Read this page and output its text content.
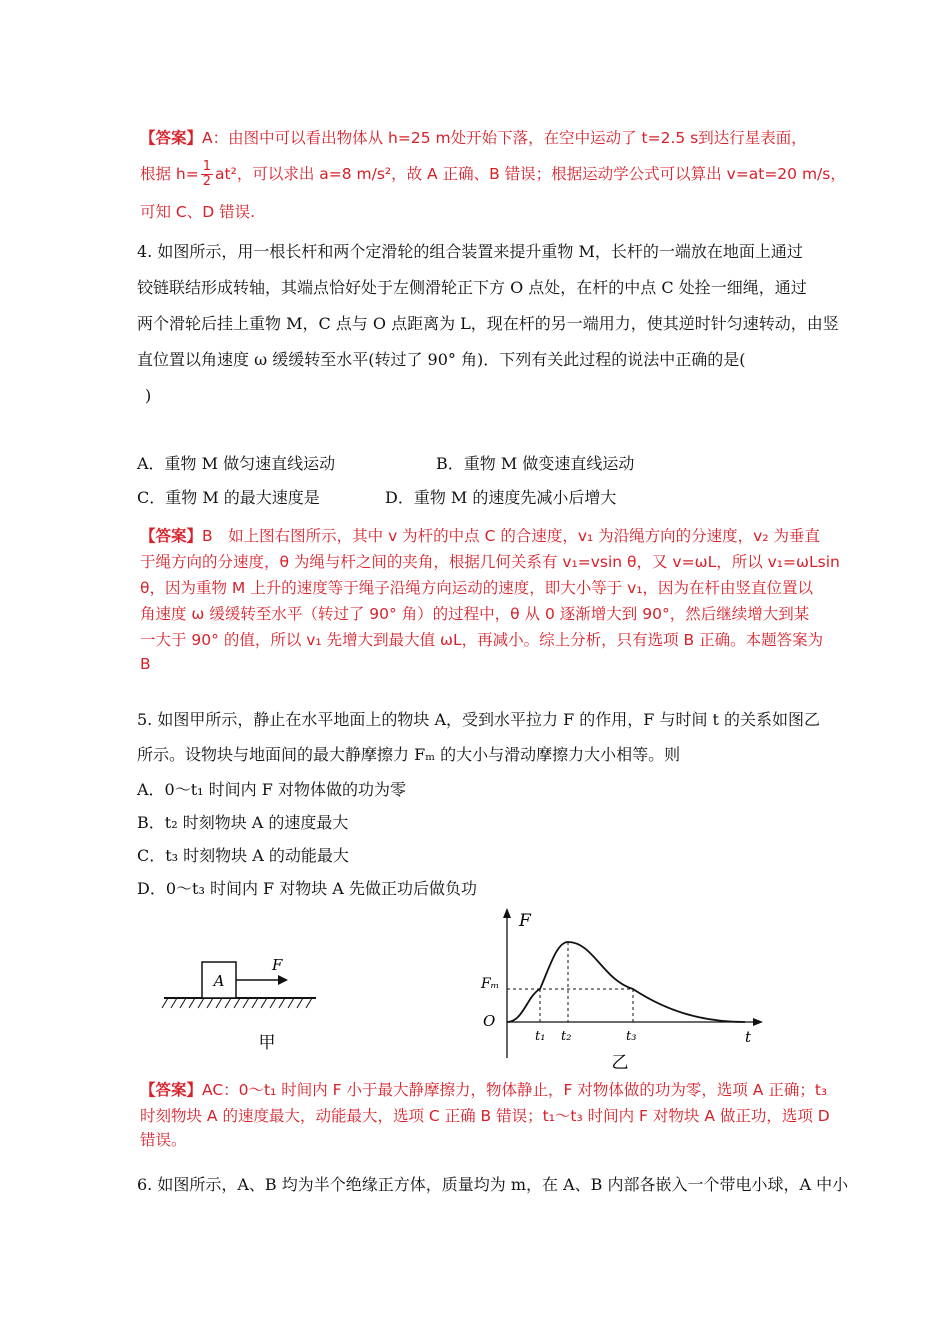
【答案】A：由图中可以看出物体从 h=25 m处开始下落，在空中运动了 t=2.5 s到达行星表面，
根据 $h= \frac{1}{2} at^2$，可以求出 a=8 m/s²，故 A 正确、B 错误；根据运动学公式可以算出 v=at=20 m/s，
可知 C、D 错误.
4. 如图所示，用一根长杆和两个定滑轮的组合装置来提升重物 M，长杆的一端放在地面上通过
铰链联结形成转轴，其端点恰好处于左侧滑轮正下方 O 点处，在杆的中点 C 处拴一细绳，通过
两个滑轮后挂上重物 M，C 点与 O 点距离为 L，现在杆的另一端用力，使其逆时针匀速转动，由竖
直位置以角速度 ω 缓缓转至水平(转过了 90° 角)．下列有关此过程的说法中正确的是(
)
A．重物 M 做匀速直线运动	B．重物 M 做变速直线运动
C．重物 M 的最大速度是	D．重物 M 的速度先减小后增大
【答案】B　如上图右图所示，其中 v 为杆的中点 C 的合速度，v₁ 为沿绳方向的分速度，v₂ 为垂直
于绳方向的分速度，θ 为绳与杆之间的夹角，根据几何关系有 v₁=vsin θ，又 v=ωL，所以 v₁=ωLsin
θ，因为重物 M 上升的速度等于绳子沿绳方向运动的速度，即大小等于 v₁，因为在杆由竖直位置以
角速度 ω 缓缓转至水平（转过了 90° 角）的过程中，θ 从 0 逐渐增大到 90°，然后继续增大到某
一大于 90° 的值，所以 v₁ 先增大到最大值 ωL，再减小。综上分析，只有选项 B 正确。本题答案为
B
5. 如图甲所示，静止在水平地面上的物块 A，受到水平拉力 F 的作用，F 与时间 t 的关系如图乙
所示。设物块与地面间的最大静摩擦力 Fₘ 的大小与滑动摩擦力大小相等。则
A．0～t₁ 时间内 F 对物体做的功为零
B．t₂ 时刻物块 A 的速度最大
C．t₃ 时刻物块 A 的动能最大
D．0～t₃ 时间内 F 对物块 A 先做正功后做负功
A
F
甲
F
Fₘ
O
t₁ t₂	t₃	t
乙
【答案】AC：0～t₁ 时间内 F 小于最大静摩擦力，物体静止，F 对物体做的功为零，选项 A 正确；t₃
时刻物块 A 的速度最大，动能最大，选项 C 正确 B 错误；t₁～t₃ 时间内 F 对物块 A 做正功，选项 D
错误。
6. 如图所示，A、B 均为半个绝缘正方体，质量均为 m，在 A、B 内部各嵌入一个带电小球，A 中小
